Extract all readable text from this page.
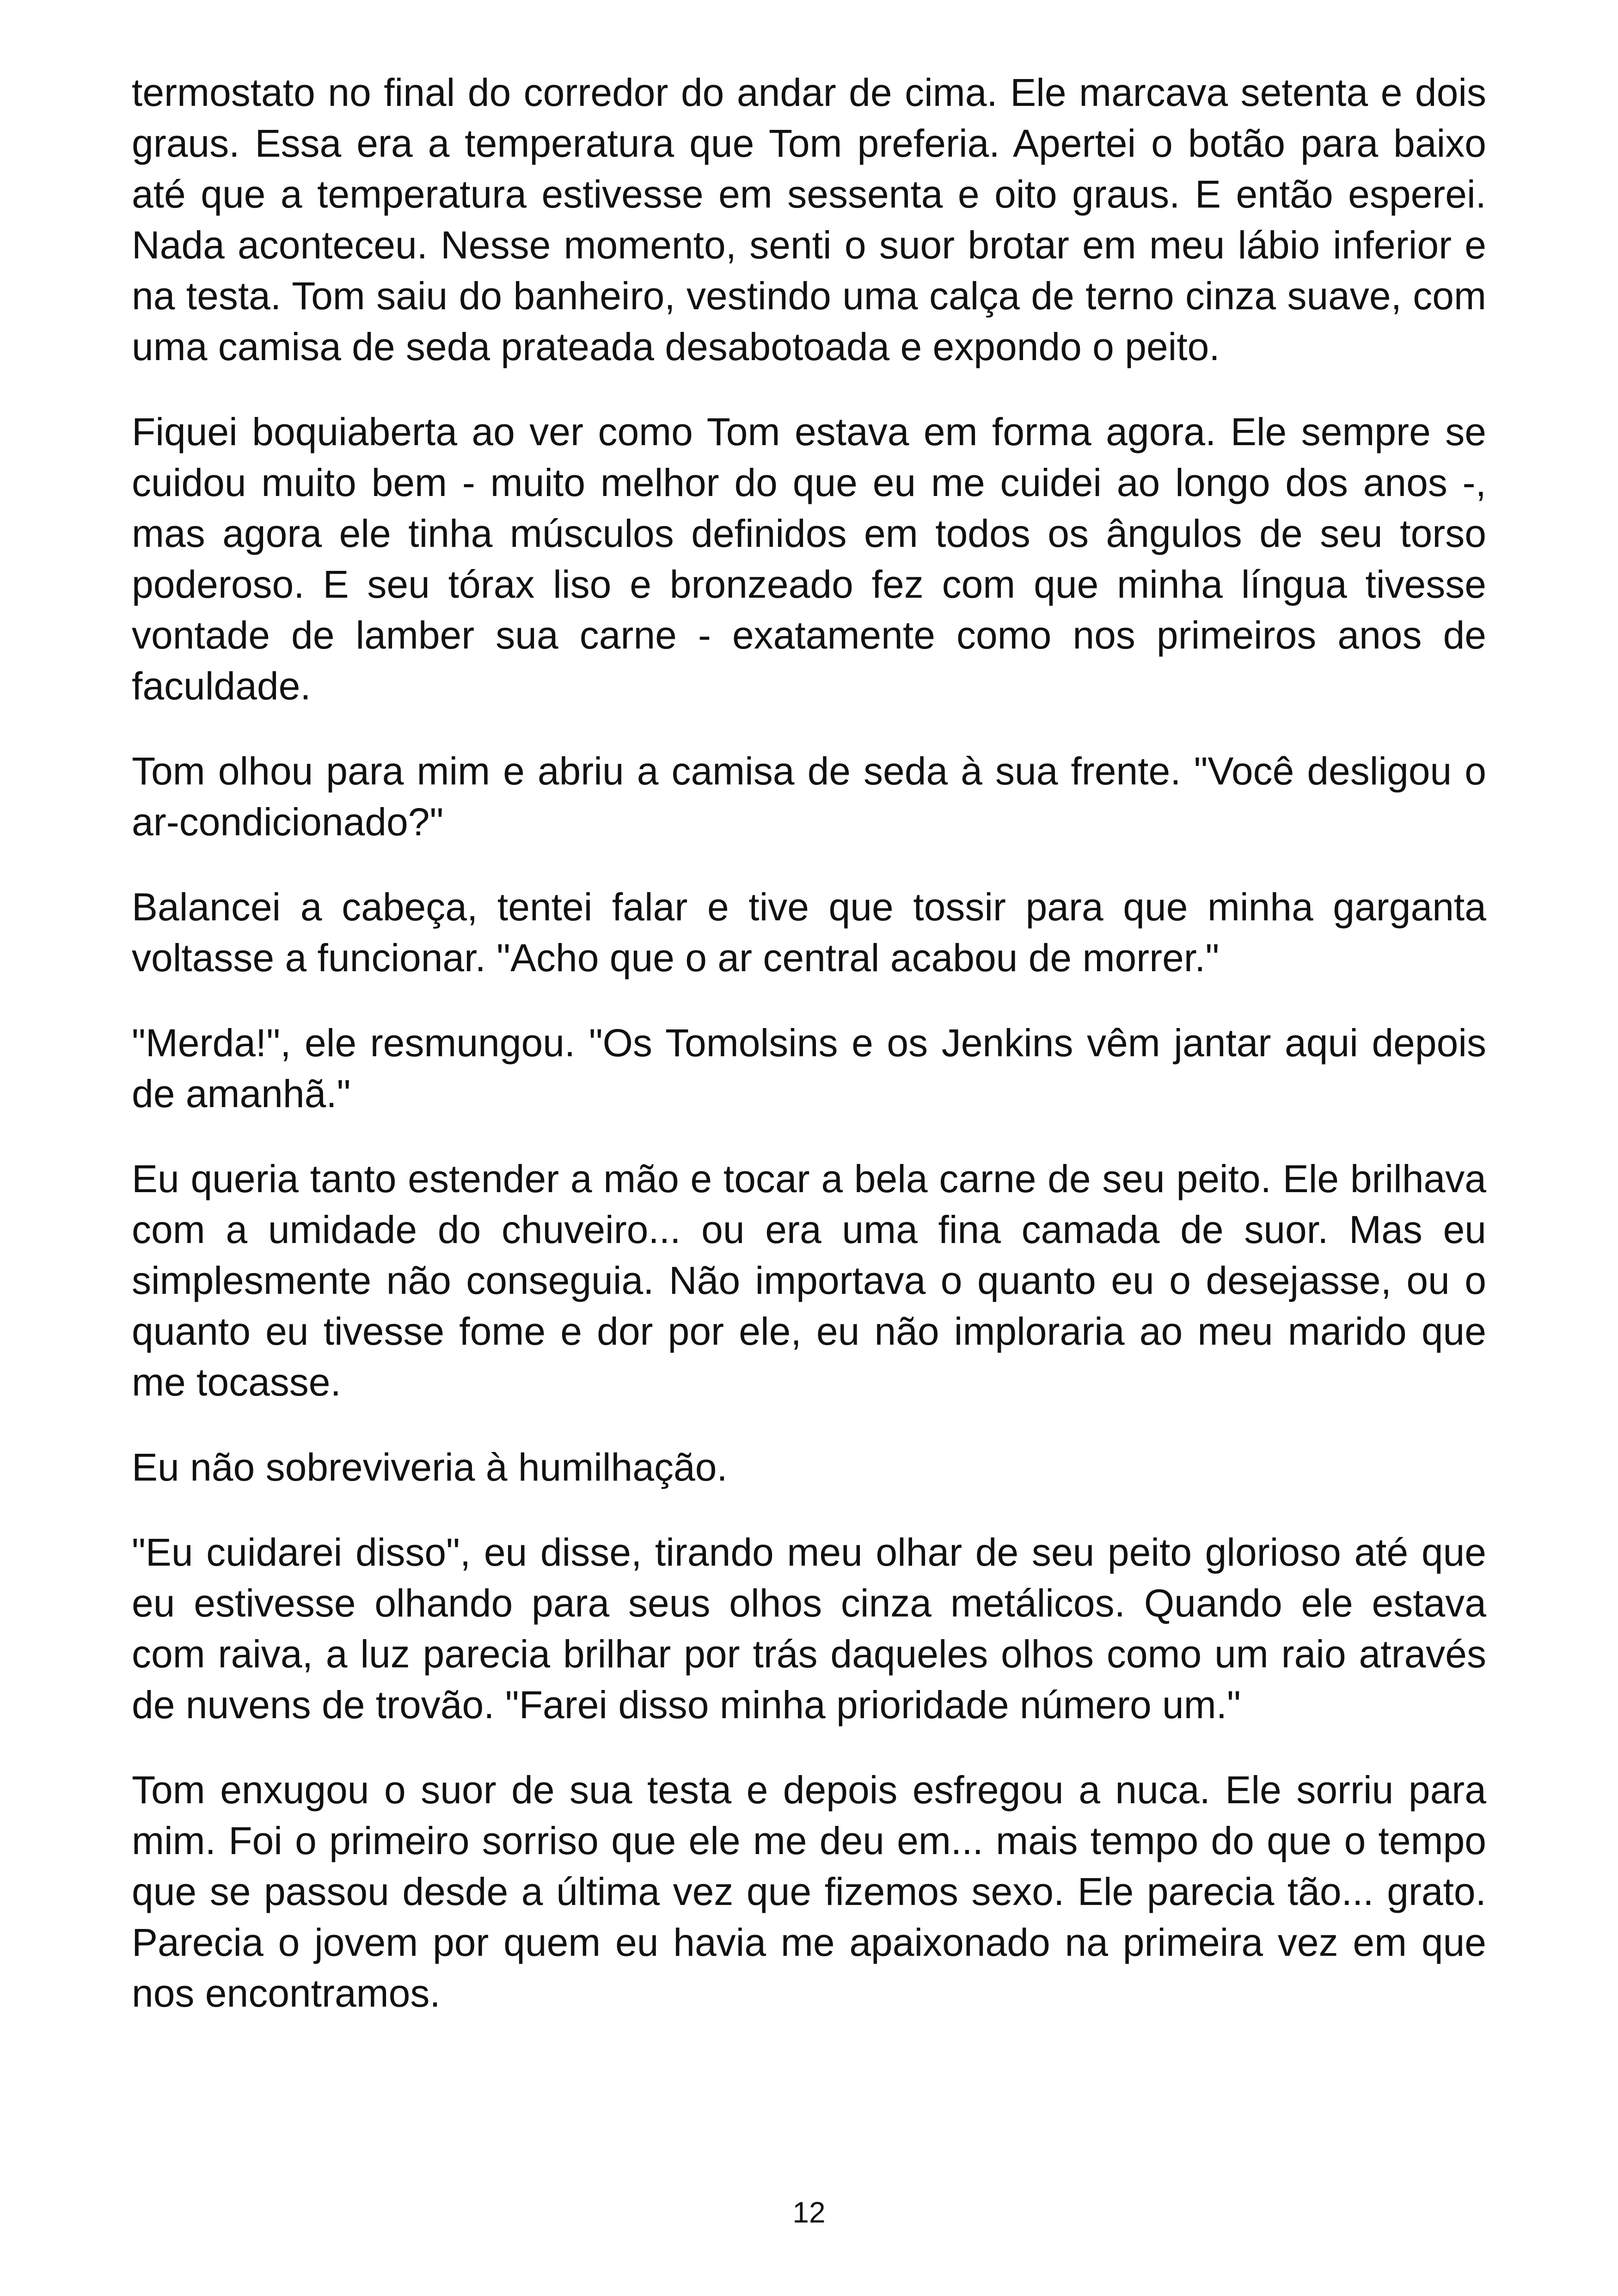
termostato no final do corredor do andar de cima. Ele marcava setenta e dois graus. Essa era a temperatura que Tom preferia. Apertei o botão para baixo até que a temperatura estivesse em sessenta e oito graus. E então esperei. Nada aconteceu. Nesse momento, senti o suor brotar em meu lábio inferior e na testa. Tom saiu do banheiro, vestindo uma calça de terno cinza suave, com uma camisa de seda prateada desabotoada e expondo o peito.

Fiquei boquiaberta ao ver como Tom estava em forma agora. Ele sempre se cuidou muito bem - muito melhor do que eu me cuidei ao longo dos anos -, mas agora ele tinha músculos definidos em todos os ângulos de seu torso poderoso. E seu tórax liso e bronzeado fez com que minha língua tivesse vontade de lamber sua carne - exatamente como nos primeiros anos de faculdade.

Tom olhou para mim e abriu a camisa de seda à sua frente. "Você desligou o ar-condicionado?"

Balancei a cabeça, tentei falar e tive que tossir para que minha garganta voltasse a funcionar. "Acho que o ar central acabou de morrer."

"Merda!", ele resmungou. "Os Tomolsins e os Jenkins vêm jantar aqui depois de amanhã."

Eu queria tanto estender a mão e tocar a bela carne de seu peito. Ele brilhava com a umidade do chuveiro... ou era uma fina camada de suor. Mas eu simplesmente não conseguia. Não importava o quanto eu o desejasse, ou o quanto eu tivesse fome e dor por ele, eu não imploraria ao meu marido que me tocasse.

Eu não sobreviveria à humilhação.

"Eu cuidarei disso", eu disse, tirando meu olhar de seu peito glorioso até que eu estivesse olhando para seus olhos cinza metálicos. Quando ele estava com raiva, a luz parecia brilhar por trás daqueles olhos como um raio através de nuvens de trovão. "Farei disso minha prioridade número um."

Tom enxugou o suor de sua testa e depois esfregou a nuca. Ele sorriu para mim. Foi o primeiro sorriso que ele me deu em... mais tempo do que o tempo que se passou desde a última vez que fizemos sexo. Ele parecia tão... grato. Parecia o jovem por quem eu havia me apaixonado na primeira vez em que nos encontramos.

12
